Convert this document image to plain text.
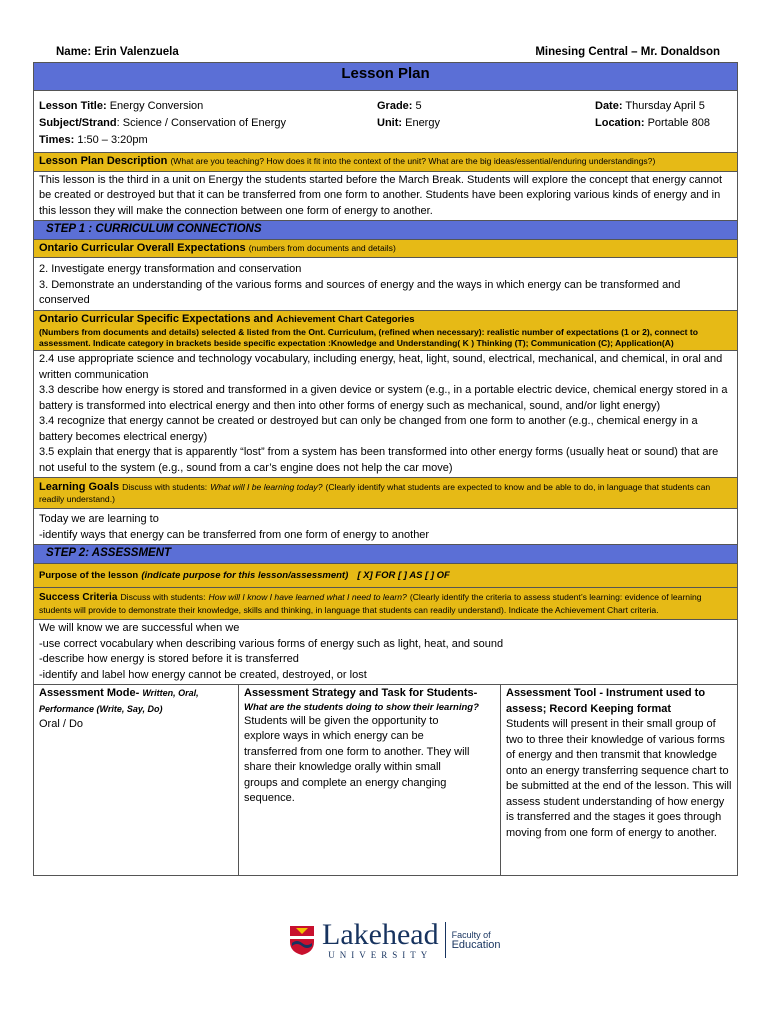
Name: Erin Valenzuela	Minesing Central – Mr. Donaldson
Lesson Plan
Lesson Title: Energy Conversion	Grade: 5	Date: Thursday April 5
Subject/Strand: Science / Conservation of Energy	Unit: Energy	Location: Portable 808
Times: 1:50 – 3:20pm
Lesson Plan Description (What are you teaching? How does it fit into the context of the unit? What are the big ideas/essential/enduring understandings?)

This lesson is the third in a unit on Energy the students started before the March Break. Students will explore the concept that energy cannot be created or destroyed but that it can be transferred from one form to another. Students have been exploring various kinds of energy and in this lesson they will make the connection between one form of energy to another.

STEP 1 : CURRICULUM CONNECTIONS
Ontario Curricular Overall Expectations (numbers from documents and details)

2. Investigate energy transformation and conservation

3. Demonstrate an understanding of the various forms and sources of energy and the ways in which energy can be transformed and conserved

Ontario Curricular Specific Expectations and Achievement Chart Categories
(Numbers from documents and details) selected & listed from the Ont. Curriculum, (refined when necessary): realistic number of expectations (1 or 2), connect to assessment. Indicate category in brackets beside specific expectation :Knowledge and Understanding( K ) Thinking (T); Communication (C); Application(A)

2.4 use appropriate science and technology vocabulary, including energy, heat, light, sound, electrical, mechanical, and chemical, in oral and written communication

3.3 describe how energy is stored and transformed in a given device or system (e.g., in a portable electric device, chemical energy stored in a battery is transformed into electrical energy and then into other forms of energy such as mechanical, sound, and/or light energy)

3.4 recognize that energy cannot be created or destroyed but can only be changed from one form to another (e.g., chemical energy in a battery becomes electrical energy)

3.5 explain that energy that is apparently “lost” from a system has been transformed into other energy forms (usually heat or sound) that are not useful to the system (e.g., sound from a car’s engine does not help the car move)

Learning Goals Discuss with students: What will I be learning today? (Clearly identify what students are expected to know and be able to do, in language that students can readily understand.)

Today we are learning to

-identify ways that energy can be transferred from one form of energy to another

STEP 2: ASSESSMENT
Purpose of the lesson (indicate purpose for this lesson/assessment) [ X] FOR [ ] AS [ ] OF
Success Criteria Discuss with students: How will I know I have learned what I need to learn? (Clearly identify the criteria to assess student’s learning: evidence of learning students will provide to demonstrate their knowledge, skills and thinking, in language that students can readily understand). Indicate the Achievement Chart criteria.

We will know we are successful when we

-use correct vocabulary when describing various forms of energy such as light, heat, and sound

-describe how energy is stored before it is transferred

-identify and label how energy cannot be created, destroyed, or lost

Assessment Mode- Written, Oral, Performance (Write, Say, Do)

Oral / Do

Assessment Strategy and Task for Students-
What are the students doing to show their learning?

Students will be given the opportunity to explore ways in which energy can be transferred from one form to another. They will share their knowledge orally within small groups and complete an energy changing sequence.

Assessment Tool - Instrument used to assess; Record Keeping format

Students will present in their small group of two to three their knowledge of various forms of energy and then transmit that knowledge onto an energy transferring sequence chart to be submitted at the end of the lesson. This will assess student understanding of how energy is transferred and the stages it goes through moving from one form of energy to another.

Lakehead
UNIVERSITY
Faculty of
Education
